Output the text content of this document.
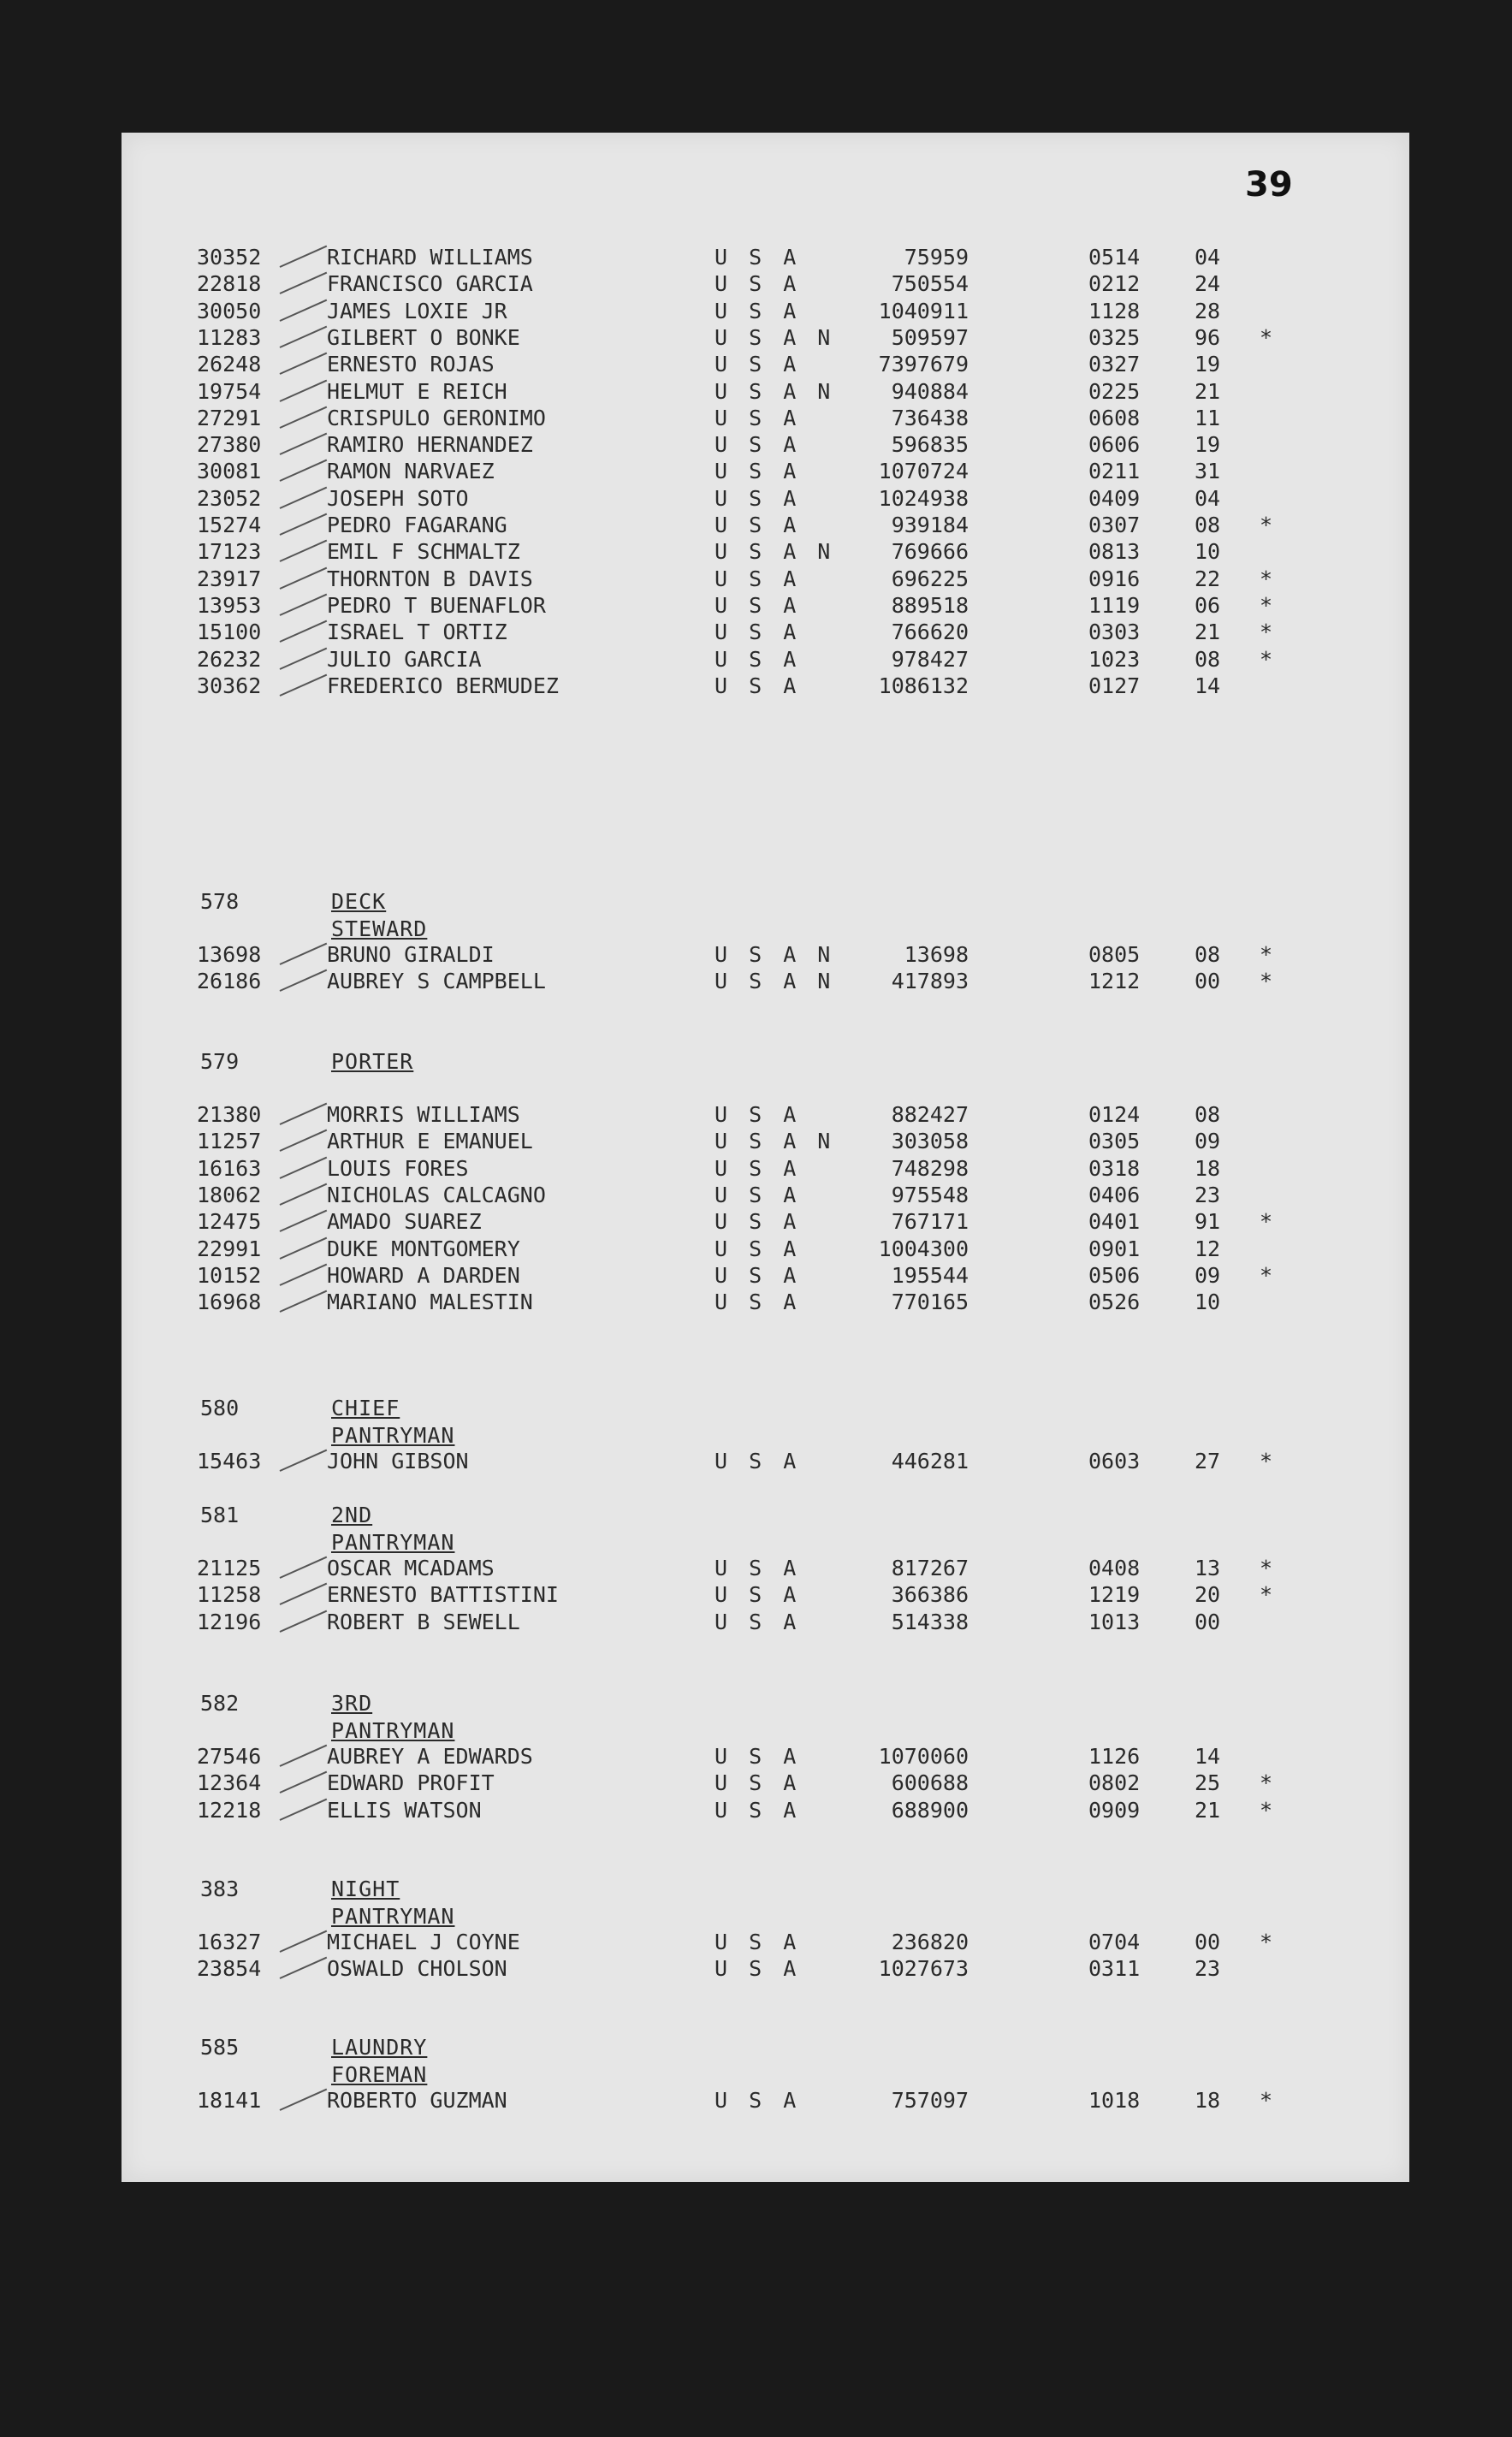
39
30352	RICHARD WILLIAMS	U S A	75959	0514	04
22818	FRANCISCO GARCIA	U S A	750554	0212	24
30050	JAMES LOXIE JR	U S A	1040911	1128	28
11283	GILBERT O BONKE	U S A N	509597	0325	96 *
26248	ERNESTO ROJAS	U S A	7397679	0327	19
19754	HELMUT E REICH	U S A N	940884	0225	21
27291	CRISPULO GERONIMO	U S A	736438	0608	11
27380	RAMIRO HERNANDEZ	U S A	596835	0606	19
30081	RAMON NARVAEZ	U S A	1070724	0211	31
23052	JOSEPH SOTO	U S A	1024938	0409	04
15274	PEDRO FAGARANG	U S A	939184	0307	08 *
17123	EMIL F SCHMALTZ	U S A N	769666	0813	10
23917	THORNTON B DAVIS	U S A	696225	0916	22 *
13953	PEDRO T BUENAFLOR	U S A	889518	1119	06 *
15100	ISRAEL T ORTIZ	U S A	766620	0303	21 *
26232	JULIO GARCIA	U S A	978427	1023	08 *
30362	FREDERICO BERMUDEZ	U S A	1086132	0127	14
578	DECK STEWARD
13698	BRUNO GIRALDI	U S A N	13698	0805	08 *
26186	AUBREY S CAMPBELL	U S A N	417893	1212	00 *
579	PORTER
21380	MORRIS WILLIAMS	U S A	882427	0124	08
11257	ARTHUR E EMANUEL	U S A N	303058	0305	09
16163	LOUIS FORES	U S A	748298	0318	18
18062	NICHOLAS CALCAGNO	U S A	975548	0406	23
12475	AMADO SUAREZ	U S A	767171	0401	91 *
22991	DUKE MONTGOMERY	U S A	1004300	0901	12
10152	HOWARD A DARDEN	U S A	195544	0506	09 *
16968	MARIANO MALESTIN	U S A	770165	0526	10
580	CHIEF PANTRYMAN
15463	JOHN GIBSON	U S A	446281	0603	27 *
581	2ND PANTRYMAN
21125	OSCAR MCADAMS	U S A	817267	0408	13 *
11258	ERNESTO BATTISTINI	U S A	366386	1219	20 *
12196	ROBERT B SEWELL	U S A	514338	1013	00
582	3RD PANTRYMAN
27546	AUBREY A EDWARDS	U S A	1070060	1126	14
12364	EDWARD PROFIT	U S A	600688	0802	25 *
12218	ELLIS WATSON	U S A	688900	0909	21 *
383	NIGHT PANTRYMAN
16327	MICHAEL J COYNE	U S A	236820	0704	00 *
23854	OSWALD CHOLSON	U S A	1027673	0311	23
585	LAUNDRY FOREMAN
18141	ROBERTO GUZMAN	U S A	757097	1018	18 *
